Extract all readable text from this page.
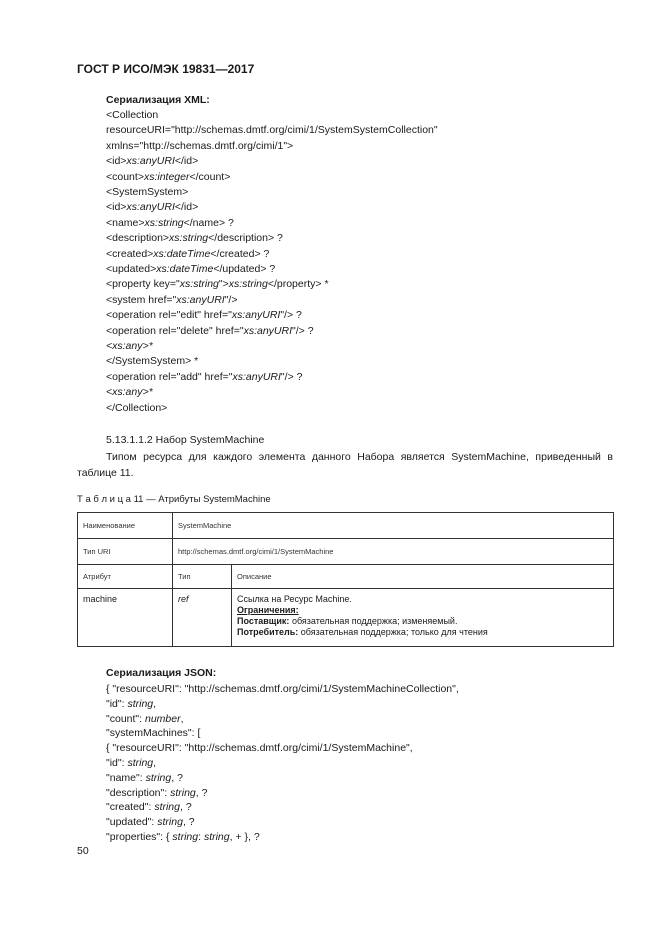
ГОСТ Р ИСО/МЭК 19831—2017
Сериализация XML:
<Collection
resourceURI="http://schemas.dmtf.org/cimi/1/SystemSystemCollection"
xmlns="http://schemas.dmtf.org/cimi/1">
<id>xs:anyURI</id>
<count>xs:integer</count>
<SystemSystem>
<id>xs:anyURI</id>
<name>xs:string</name> ?
<description>xs:string</description> ?
<created>xs:dateTime</created> ?
<updated>xs:dateTime</updated> ?
<property key="xs:string">xs:string</property> *
<system href="xs:anyURI"/>
<operation rel="edit" href="xs:anyURI"/> ?
<operation rel="delete" href="xs:anyURI"/> ?
<xs:any>*
</SystemSystem> *
<operation rel="add" href="xs:anyURI"/> ?
<xs:any>*
</Collection>
5.13.1.1.2 Набор SystemMachine
Типом ресурса для каждого элемента данного Набора является SystemMachine, приведенный в
таблице 11.
Т а б л и ц а 11 — Атрибуты SystemMachine
Наименование	SystemMachine	
Тип URI	http://schemas.dmtf.org/cimi/1/SystemMachine	
Атрибут	Тип	Описание
machine	ref	Ссылка на Ресурс Machine.
Ограничения:
Поставщик: обязательная поддержка; изменяемый.
Потребитель: обязательная поддержка; только для чтения
Сериализация JSON:
{ "resourceURI": "http://schemas.dmtf.org/cimi/1/SystemMachineCollection",
"id": string,
"count": number,
"systemMachines": [
{ "resourceURI": "http://schemas.dmtf.org/cimi/1/SystemMachine",
"id": string,
"name": string, ?
"description": string, ?
"created": string, ?
"updated": string, ?
"properties": { string: string, + }, ?
50
